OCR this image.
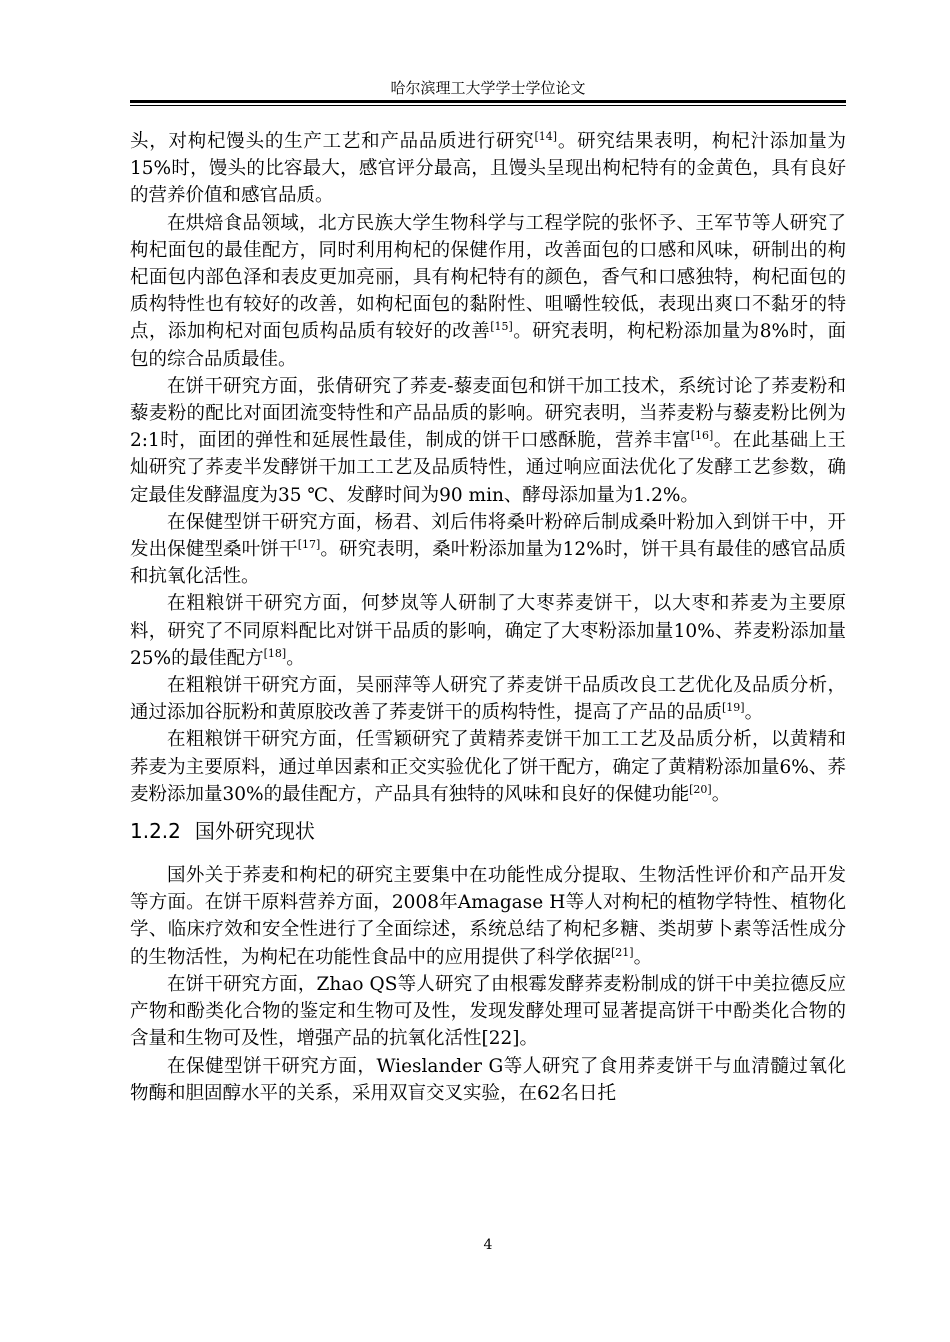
哈尔滨理工大学学士学位论文

头，对枸杞馒头的生产工艺和产品品质进行研究[14]。研究结果表明，枸杞汁添加量为15%时，馒头的比容最大，感官评分最高，且馒头呈现出枸杞特有的金黄色，具有良好的营养价值和感官品质。

在烘焙食品领域，北方民族大学生物科学与工程学院的张怀予、王军节等人研究了枸杞面包的最佳配方，同时利用枸杞的保健作用，改善面包的口感和风味，研制出的枸杞面包内部色泽和表皮更加亮丽，具有枸杞特有的颜色，香气和口感独特，枸杞面包的质构特性也有较好的改善，如枸杞面包的黏附性、咀嚼性较低，表现出爽口不黏牙的特点，添加枸杞对面包质构品质有较好的改善[15]。研究表明，枸杞粉添加量为8%时，面包的综合品质最佳。

在饼干研究方面，张倩研究了荞麦-藜麦面包和饼干加工技术，系统讨论了荞麦粉和藜麦粉的配比对面团流变特性和产品品质的影响。研究表明，当荞麦粉与藜麦粉比例为2:1时，面团的弹性和延展性最佳，制成的饼干口感酥脆，营养丰富[16]。在此基础上王灿研究了荞麦半发酵饼干加工工艺及品质特性，通过响应面法优化了发酵工艺参数，确定最佳发酵温度为35 ℃、发酵时间为90 min、酵母添加量为1.2%。

在保健型饼干研究方面，杨君、刘后伟将桑叶粉碎后制成桑叶粉加入到饼干中，开发出保健型桑叶饼干[17]。研究表明，桑叶粉添加量为12%时，饼干具有最佳的感官品质和抗氧化活性。

在粗粮饼干研究方面，何梦岚等人研制了大枣荞麦饼干，以大枣和荞麦为主要原料，研究了不同原料配比对饼干品质的影响，确定了大枣粉添加量10%、荞麦粉添加量25%的最佳配方[18]。

在粗粮饼干研究方面，吴丽萍等人研究了荞麦饼干品质改良工艺优化及品质分析，通过添加谷朊粉和黄原胶改善了荞麦饼干的质构特性，提高了产品的品质[19]。

在粗粮饼干研究方面，任雪颖研究了黄精荞麦饼干加工工艺及品质分析，以黄精和荞麦为主要原料，通过单因素和正交实验优化了饼干配方，确定了黄精粉添加量6%、荞麦粉添加量30%的最佳配方，产品具有独特的风味和良好的保健功能[20]。

1.2.2 国外研究现状

国外关于荞麦和枸杞的研究主要集中在功能性成分提取、生物活性评价和产品开发等方面。在饼干原料营养方面，2008年Amagase H等人对枸杞的植物学特性、植物化学、临床疗效和安全性进行了全面综述，系统总结了枸杞多糖、类胡萝卜素等活性成分的生物活性，为枸杞在功能性食品中的应用提供了科学依据[21]。

在饼干研究方面，Zhao QS等人研究了由根霉发酵荞麦粉制成的饼干中美拉德反应产物和酚类化合物的鉴定和生物可及性，发现发酵处理可显著提高饼干中酚类化合物的含量和生物可及性，增强产品的抗氧化活性[22]。

在保健型饼干研究方面，Wieslander G等人研究了食用荞麦饼干与血清髓过氧化物酶和胆固醇水平的关系，采用双盲交叉实验，在62名日托

4
